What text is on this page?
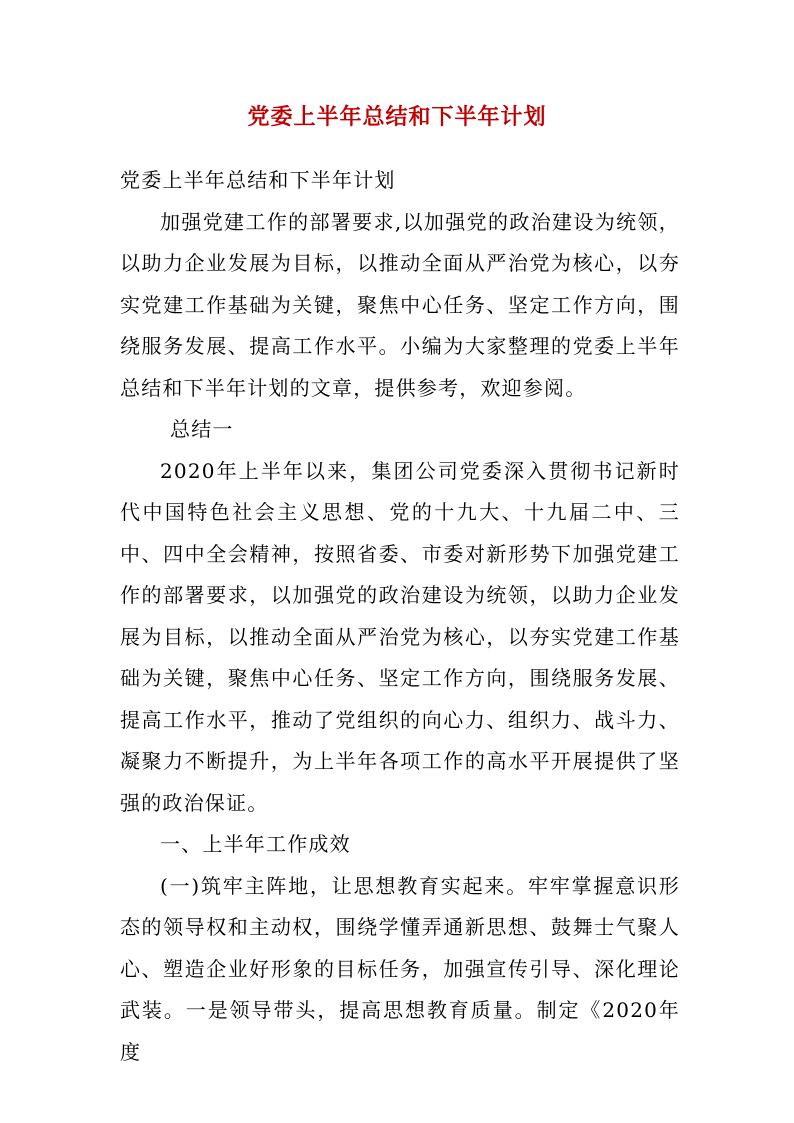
党委上半年总结和下半年计划

党委上半年总结和下半年计划

加强党建工作的部署要求,以加强党的政治建设为统领，以助力企业发展为目标，以推动全面从严治党为核心，以夯实党建工作基础为关键，聚焦中心任务、坚定工作方向，围绕服务发展、提高工作水平。小编为大家整理的党委上半年总结和下半年计划的文章，提供参考，欢迎参阅。

总结一

2020年上半年以来，集团公司党委深入贯彻书记新时代中国特色社会主义思想、党的十九大、十九届二中、三中、四中全会精神，按照省委、市委对新形势下加强党建工作的部署要求，以加强党的政治建设为统领，以助力企业发展为目标，以推动全面从严治党为核心，以夯实党建工作基础为关键，聚焦中心任务、坚定工作方向，围绕服务发展、提高工作水平，推动了党组织的向心力、组织力、战斗力、凝聚力不断提升，为上半年各项工作的高水平开展提供了坚强的政治保证。

一、上半年工作成效

(一)筑牢主阵地，让思想教育实起来。牢牢掌握意识形态的领导权和主动权，围绕学懂弄通新思想、鼓舞士气聚人心、塑造企业好形象的目标任务，加强宣传引导、深化理论武装。一是领导带头，提高思想教育质量。制定《2020年度
